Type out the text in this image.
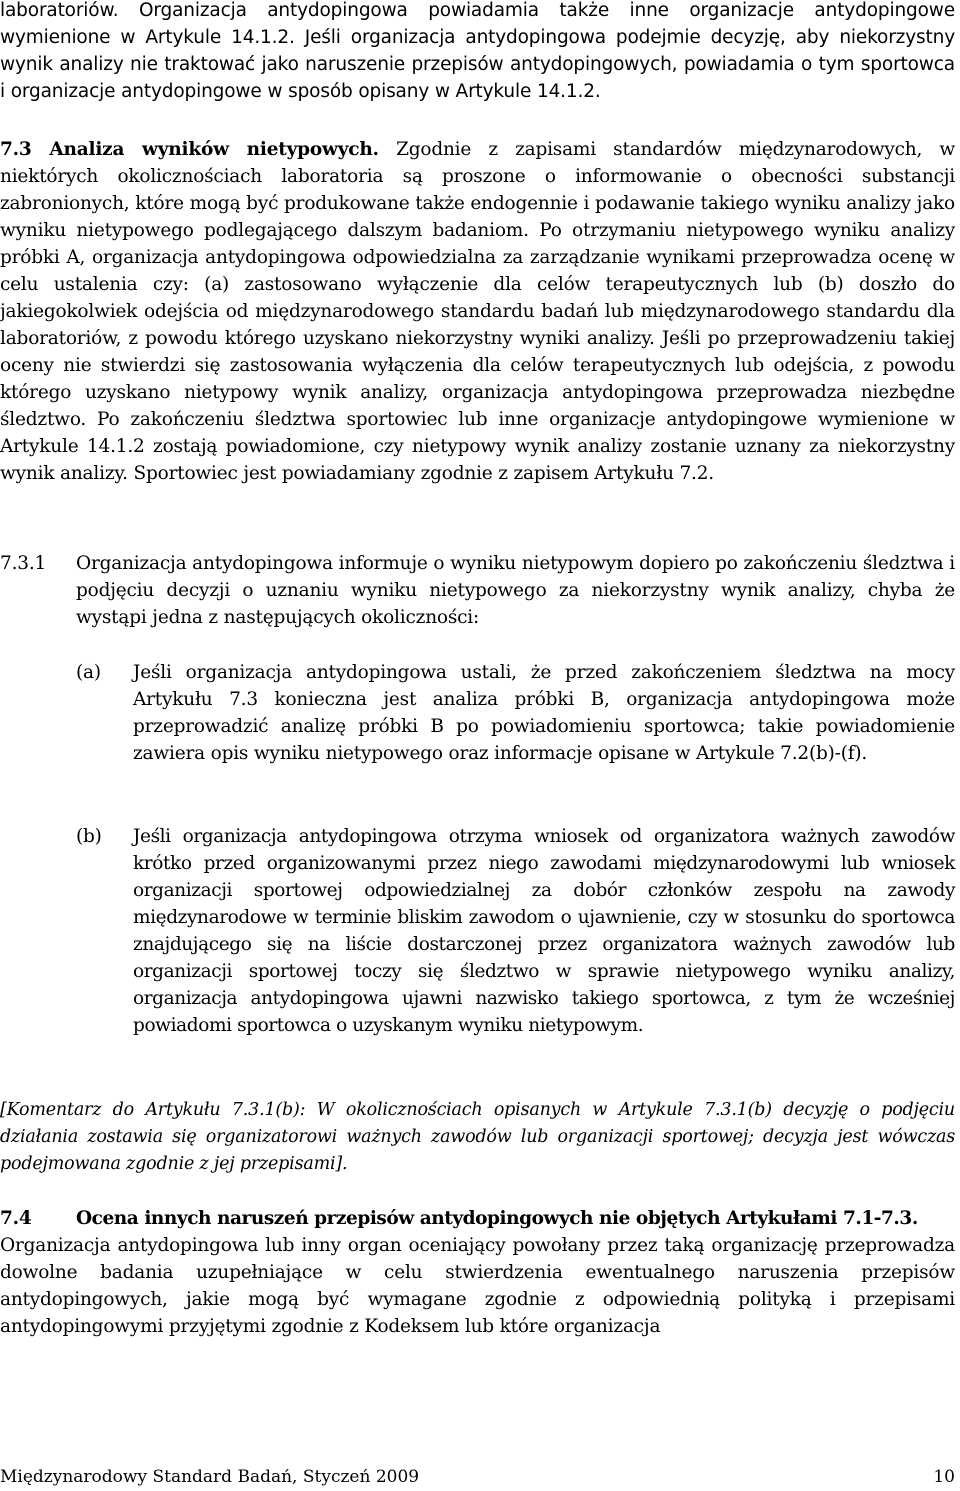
laboratoriów. Organizacja antydopingowa powiadamia także inne organizacje antydopingowe wymienione w Artykule 14.1.2. Jeśli organizacja antydopingowa podejmie decyzję, aby niekorzystny wynik analizy nie traktować jako naruszenie przepisów antydopingowych, powiadamia o tym sportowca i organizacje antydopingowe w sposób opisany w Artykule 14.1.2.
7.3 Analiza wyników nietypowych. Zgodnie z zapisami standardów międzynarodowych, w niektórych okolicznościach laboratoria są proszone o informowanie o obecności substancji zabronionych, które mogą być produkowane także endogennie i podawanie takiego wyniku analizy jako wyniku nietypowego podlegającego dalszym badaniom. Po otrzymaniu nietypowego wyniku analizy próbki A, organizacja antydopingowa odpowiedzialna za zarządzanie wynikami przeprowadza ocenę w celu ustalenia czy: (a) zastosowano wyłączenie dla celów terapeutycznych lub (b) doszło do jakiegokolwiek odejścia od międzynarodowego standardu badań lub międzynarodowego standardu dla laboratoriów, z powodu którego uzyskano niekorzystny wyniki analizy. Jeśli po przeprowadzeniu takiej oceny nie stwierdzi się zastosowania wyłączenia dla celów terapeutycznych lub odejścia, z powodu którego uzyskano nietypowy wynik analizy, organizacja antydopingowa przeprowadza niezbędne śledztwo. Po zakończeniu śledztwa sportowiec lub inne organizacje antydopingowe wymienione w Artykule 14.1.2 zostają powiadomione, czy nietypowy wynik analizy zostanie uznany za niekorzystny wynik analizy. Sportowiec jest powiadamiany zgodnie z zapisem Artykułu 7.2.
7.3.1 Organizacja antydopingowa informuje o wyniku nietypowym dopiero po zakończeniu śledztwa i podjęciu decyzji o uznaniu wyniku nietypowego za niekorzystny wynik analizy, chyba że wystąpi jedna z następujących okoliczności:
(a) Jeśli organizacja antydopingowa ustali, że przed zakończeniem śledztwa na mocy Artykułu 7.3 konieczna jest analiza próbki B, organizacja antydopingowa może przeprowadzić analizę próbki B po powiadomieniu sportowca; takie powiadomienie zawiera opis wyniku nietypowego oraz informacje opisane w Artykule 7.2(b)-(f).
(b) Jeśli organizacja antydopingowa otrzyma wniosek od organizatora ważnych zawodów krótko przed organizowanymi przez niego zawodami międzynarodowymi lub wniosek organizacji sportowej odpowiedzialnej za dobór członków zespołu na zawody międzynarodowe w terminie bliskim zawodom o ujawnienie, czy w stosunku do sportowca znajdującego się na liście dostarczonej przez organizatora ważnych zawodów lub organizacji sportowej toczy się śledztwo w sprawie nietypowego wyniku analizy, organizacja antydopingowa ujawni nazwisko takiego sportowca, z tym że wcześniej powiadomi sportowca o uzyskanym wyniku nietypowym.
[Komentarz do Artykułu 7.3.1(b): W okolicznościach opisanych w Artykule 7.3.1(b) decyzję o podjęciu działania zostawia się organizatorowi ważnych zawodów lub organizacji sportowej; decyzja jest wówczas podejmowana zgodnie z jej przepisami].
7.4 Ocena innych naruszeń przepisów antydopingowych nie objętych Artykułami 7.1-7.3.
Organizacja antydopingowa lub inny organ oceniający powołany przez taką organizację przeprowadza dowolne badania uzupełniające w celu stwierdzenia ewentualnego naruszenia przepisów antydopingowych, jakie mogą być wymagane zgodnie z odpowiednią polityką i przepisami antydopingowymi przyjętymi zgodnie z Kodeksem lub które organizacja
Międzynarodowy Standard Badań, Styczeń 2009	10
